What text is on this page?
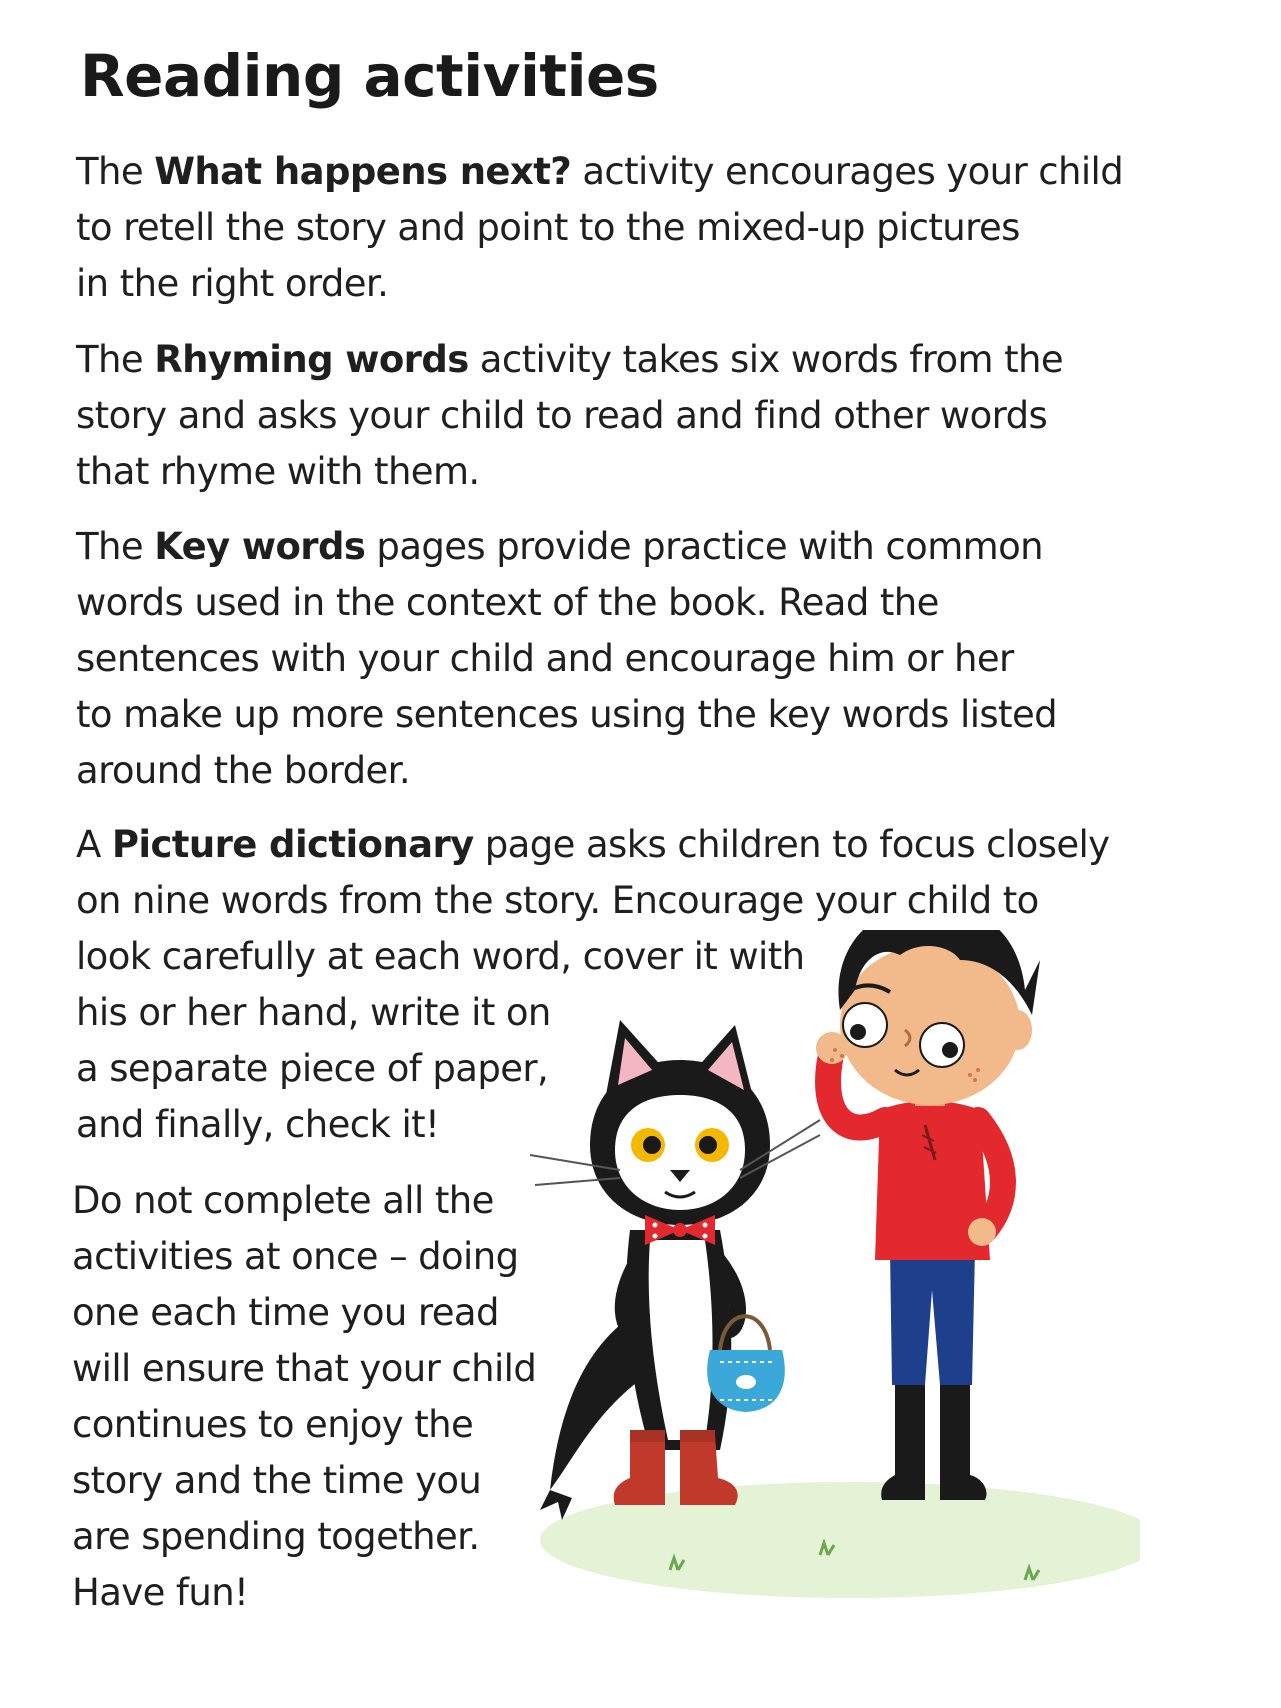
Reading activities

The What happens next? activity encourages your child
to retell the story and point to the mixed-up pictures
in the right order.

The Rhyming words activity takes six words from the
story and asks your child to read and find other words
that rhyme with them.

The Key words pages provide practice with common
words used in the context of the book. Read the
sentences with your child and encourage him or her
to make up more sentences using the key words listed
around the border.

A Picture dictionary page asks children to focus closely
on nine words from the story. Encourage your child to
look carefully at each word, cover it with
his or her hand, write it on
a separate piece of paper,
and finally, check it!

Do not complete all the
activities at once – doing
one each time you read
will ensure that your child
continues to enjoy the
story and the time you
are spending together.
Have fun!
